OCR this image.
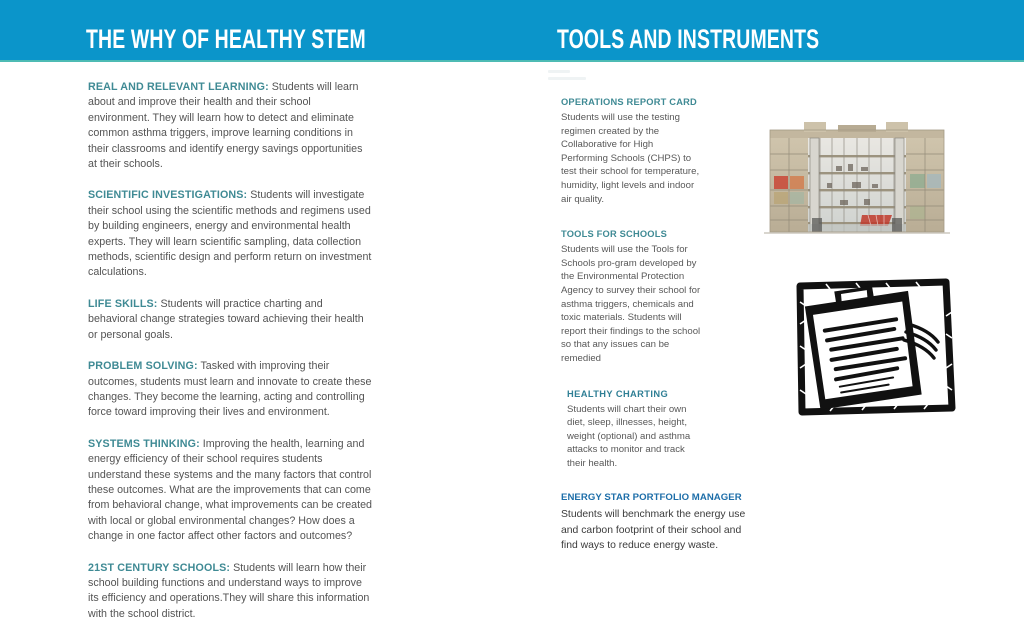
THE WHY OF HEALTHY STEM	TOOLS AND INSTRUMENTS

REAL AND RELEVANT LEARNING: Students will learn about and improve their health and their school environment. They will learn how to detect and eliminate common asthma triggers, improve learning conditions in their classrooms and identify energy savings opportunities at their schools.

SCIENTIFIC INVESTIGATIONS: Students will investigate their school using the scientific methods and regimens used by building engineers, energy and environmental health experts. They will learn scientific sampling, data collection methods, scientific design and perform return on investment calculations.

LIFE SKILLS: Students will practice charting and behavioral change strategies toward achieving their health or personal goals.

PROBLEM SOLVING: Tasked with improving their outcomes, students must learn and innovate to create these changes. They become the learning, acting and controlling force toward improving their lives and environment.

SYSTEMS THINKING: Improving the health, learning and energy efficiency of their school requires students understand these systems and the many factors that control these outcomes. What are the improvements that can come from behavioral change, what improvements can be created with local or global environmental changes? How does a change in one factor affect other factors and outcomes?

21ST CENTURY SCHOOLS: Students will learn how their school building functions and understand ways to improve its efficiency and operations.They will share this information with the school district.

OPERATIONS REPORT CARD

Students will use the testing regimen created by the Collaborative for High Performing Schools (CHPS) to test their school for temperature, humidity, light levels and indoor air quality.

TOOLS FOR SCHOOLS

Students will use the Tools for Schools pro-gram developed by the Environmental Protection Agency to survey their school for asthma triggers, chemicals and toxic materials. Students will report their findings to the school so that any issues can be remedied

HEALTHY CHARTING

Students will chart their own diet, sleep, illnesses, height, weight (optional) and asthma attacks to monitor and track their health.

ENERGY STAR PORTFOLIO MANAGER

Students will benchmark the energy use and carbon footprint of their school and find ways to reduce energy waste.
